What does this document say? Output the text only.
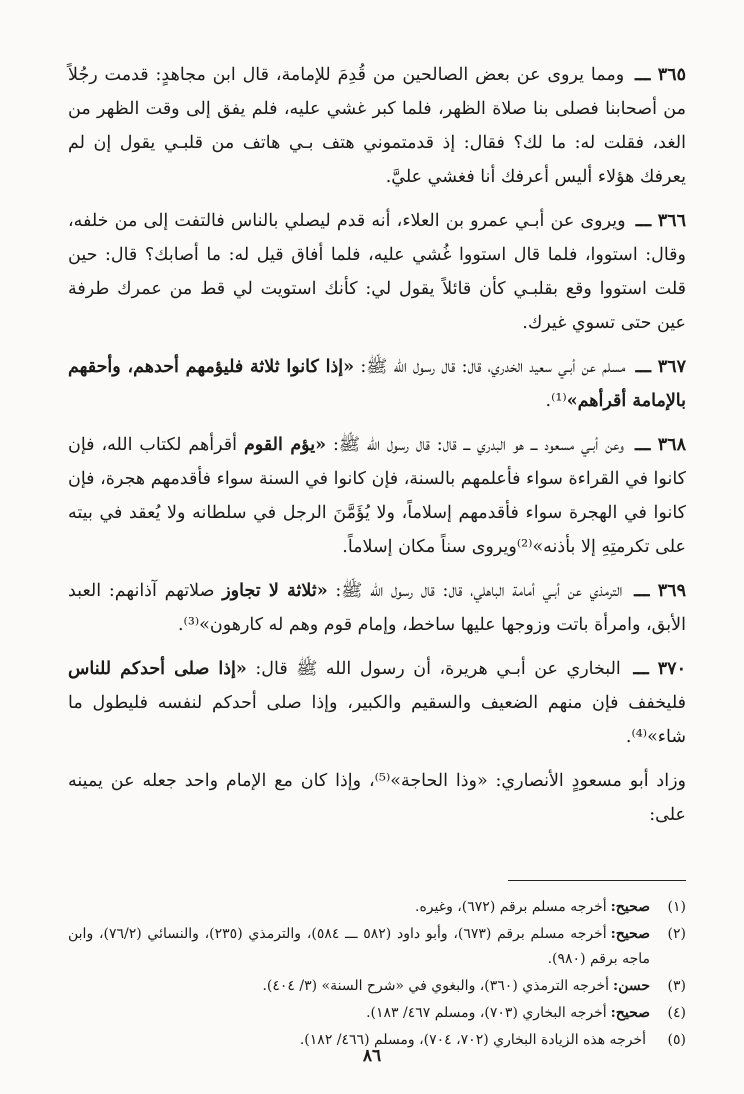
٣٦٥ ـــ ومما يروى عن بعض الصالحين من قُدِمَ للإمامة، قال ابن مجاهدٍ: قدمت رجُلاً من أصحابنا فصلى بنا صلاة الظهر، فلما كبر غشي عليه، فلم يفق إلى وقت الظهر من الغد، فقلت له: ما لك؟ فقال: إذ قدمتموني هتف بـي هاتف من قلبـي يقول إن لم يعرفك هؤلاء أليس أعرفك أنا فغشي عليَّ.

٣٦٦ ـــ ويروى عن أبـي عمرو بن العلاء، أنه قدم ليصلي بالناس فالتفت إلى من خلفه، وقال: استووا، فلما قال استووا غُشي عليه، فلما أفاق قيل له: ما أصابك؟ قال: حين قلت استووا وقع بقلبـي كأن قائلاً يقول لي: كأنك استويت لي قط من عمرك طرفة عين حتى تسوي غيرك.

٣٦٧ ـــ مسلم عن أبـي سعيد الخدري، قال: قال رسول الله ﷺ: «إذا كانوا ثلاثة فليؤمهم أحدهم، وأحقهم بالإمامة أقرأهم»⁽¹⁾.

٣٦٨ ـــ وعن أبـي مسعود ـــ هو البدري ـــ قال: قال رسول الله ﷺ: «يؤم القوم أقرأهم لكتاب الله، فإن كانوا في القراءة سواء فأعلمهم بالسنة، فإن كانوا في السنة سواء فأقدمهم هجرة، فإن كانوا في الهجرة سواء فأقدمهم إسلاماً، ولا يُؤَمَّنَ الرجل في سلطانه ولا يُعقد في بيته على تكرمتِهِ إلا بأذنه»⁽²⁾ويروى سناً مكان إسلاماً.

٣٦٩ ـــ الترمذي عن أبـي أمامة الباهلي، قال: قال رسول الله ﷺ: «ثلاثة لا تجاوز صلاتهم آذانهم: العبد الأبق، وامرأة باتت وزوجها عليها ساخط، وإمام قوم وهم له كارهون»⁽³⁾.

٣٧٠ ـــ البخاري عن أبـي هريرة، أن رسول الله ﷺ قال: «إذا صلى أحدكم للناس فليخفف فإن منهم الضعيف والسقيم والكبير، وإذا صلى أحدكم لنفسه فليطول ما شاء»⁽⁴⁾.

وزاد أبو مسعودٍ الأنصاري: «وذا الحاجة»⁽⁵⁾، وإذا كان مع الإمام واحد جعله عن يمينه على:

(١)
صحيح:أخرجه مسلم برقم (٦٧٢)، وغيره.
(٢)
صحيح:أخرجه مسلم برقم (٦٧٣)، وأبو داود (٥٨٢ ـــ ٥٨٤)، والترمذي (٢٣٥)، والنسائي (٧٦/٢)، وابن ماجه برقم (٩٨٠).
(٣)
حسن:أخرجه الترمذي (٣٦٠)، والبغوي في «شرح السنة» (٣/ ٤٠٤).
(٤)
صحيح:أخرجه البخاري (٧٠٣)، ومسلم ٤٦٧/ ١٨٣).
(٥)
أخرجه هذه الزيادة البخاري (٧٠٢، ٧٠٤)، ومسلم (٤٦٦/ ١٨٢).
٨٦
